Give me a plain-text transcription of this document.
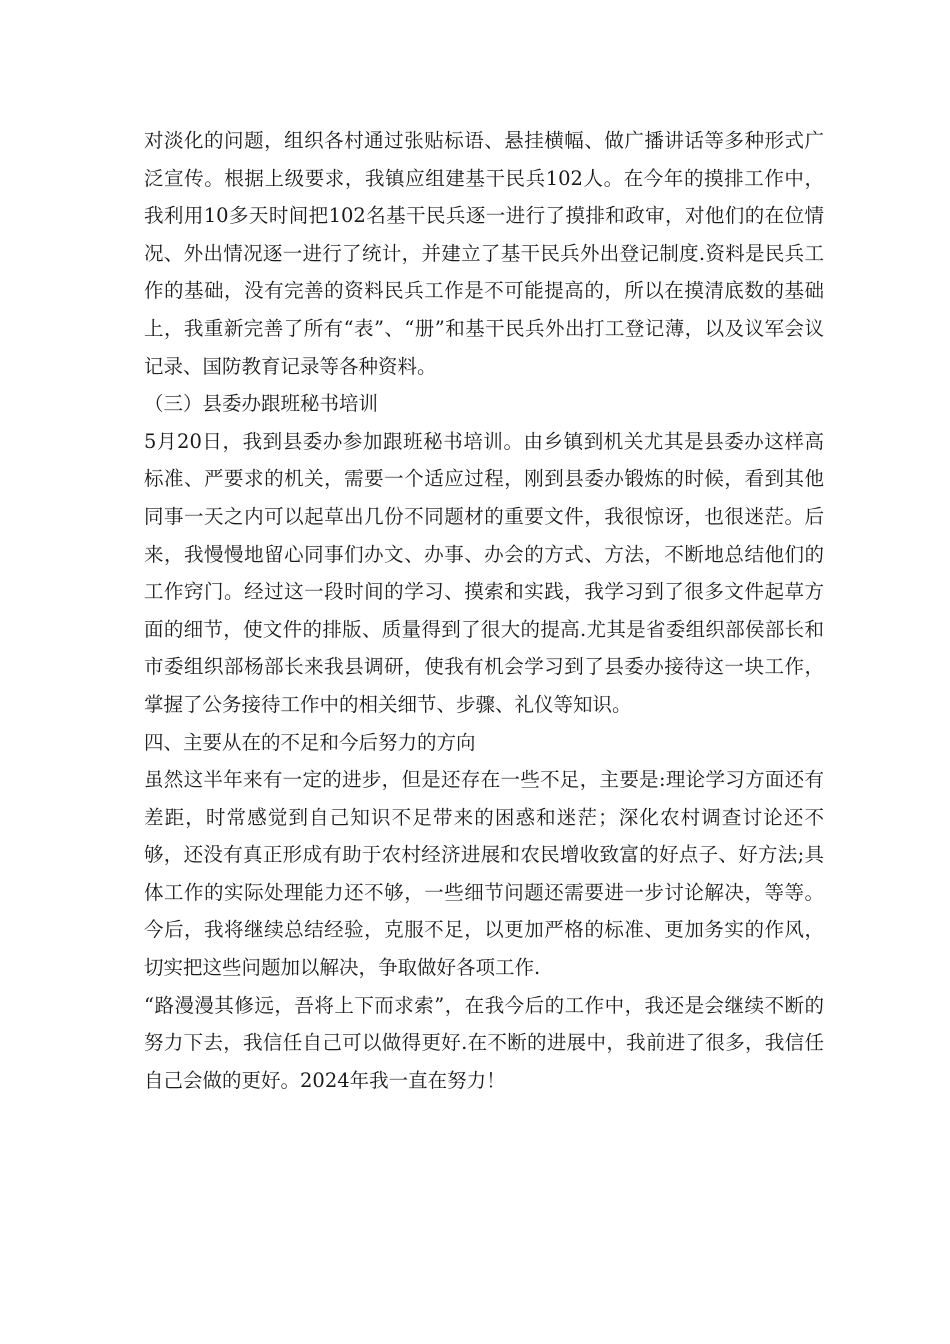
对淡化的问题，组织各村通过张贴标语、悬挂横幅、做广播讲话等多种形式广泛宣传。根据上级要求，我镇应组建基干民兵102人。在今年的摸排工作中，我利用10多天时间把102名基干民兵逐一进行了摸排和政审，对他们的在位情况、外出情况逐一进行了统计，并建立了基干民兵外出登记制度.资料是民兵工作的基础，没有完善的资料民兵工作是不可能提高的，所以在摸清底数的基础上，我重新完善了所有“表”、“册”和基干民兵外出打工登记薄，以及议军会议记录、国防教育记录等各种资料。

（三）县委办跟班秘书培训

5月20日，我到县委办参加跟班秘书培训。由乡镇到机关尤其是县委办这样高标准、严要求的机关，需要一个适应过程，刚到县委办锻炼的时候，看到其他同事一天之内可以起草出几份不同题材的重要文件，我很惊讶，也很迷茫。后来，我慢慢地留心同事们办文、办事、办会的方式、方法，不断地总结他们的工作窍门。经过这一段时间的学习、摸索和实践，我学习到了很多文件起草方面的细节，使文件的排版、质量得到了很大的提高.尤其是省委组织部侯部长和市委组织部杨部长来我县调研，使我有机会学习到了县委办接待这一块工作，掌握了公务接待工作中的相关细节、步骤、礼仪等知识。

四、主要从在的不足和今后努力的方向

虽然这半年来有一定的进步，但是还存在一些不足，主要是:理论学习方面还有差距，时常感觉到自己知识不足带来的困惑和迷茫；深化农村调查讨论还不够，还没有真正形成有助于农村经济进展和农民增收致富的好点子、好方法;具体工作的实际处理能力还不够，一些细节问题还需要进一步讨论解决，等等。今后，我将继续总结经验，克服不足，以更加严格的标准、更加务实的作风，切实把这些问题加以解决，争取做好各项工作.

“路漫漫其修远，吾将上下而求索”，在我今后的工作中，我还是会继续不断的努力下去，我信任自己可以做得更好.在不断的进展中，我前进了很多，我信任自己会做的更好。2024年我一直在努力！
